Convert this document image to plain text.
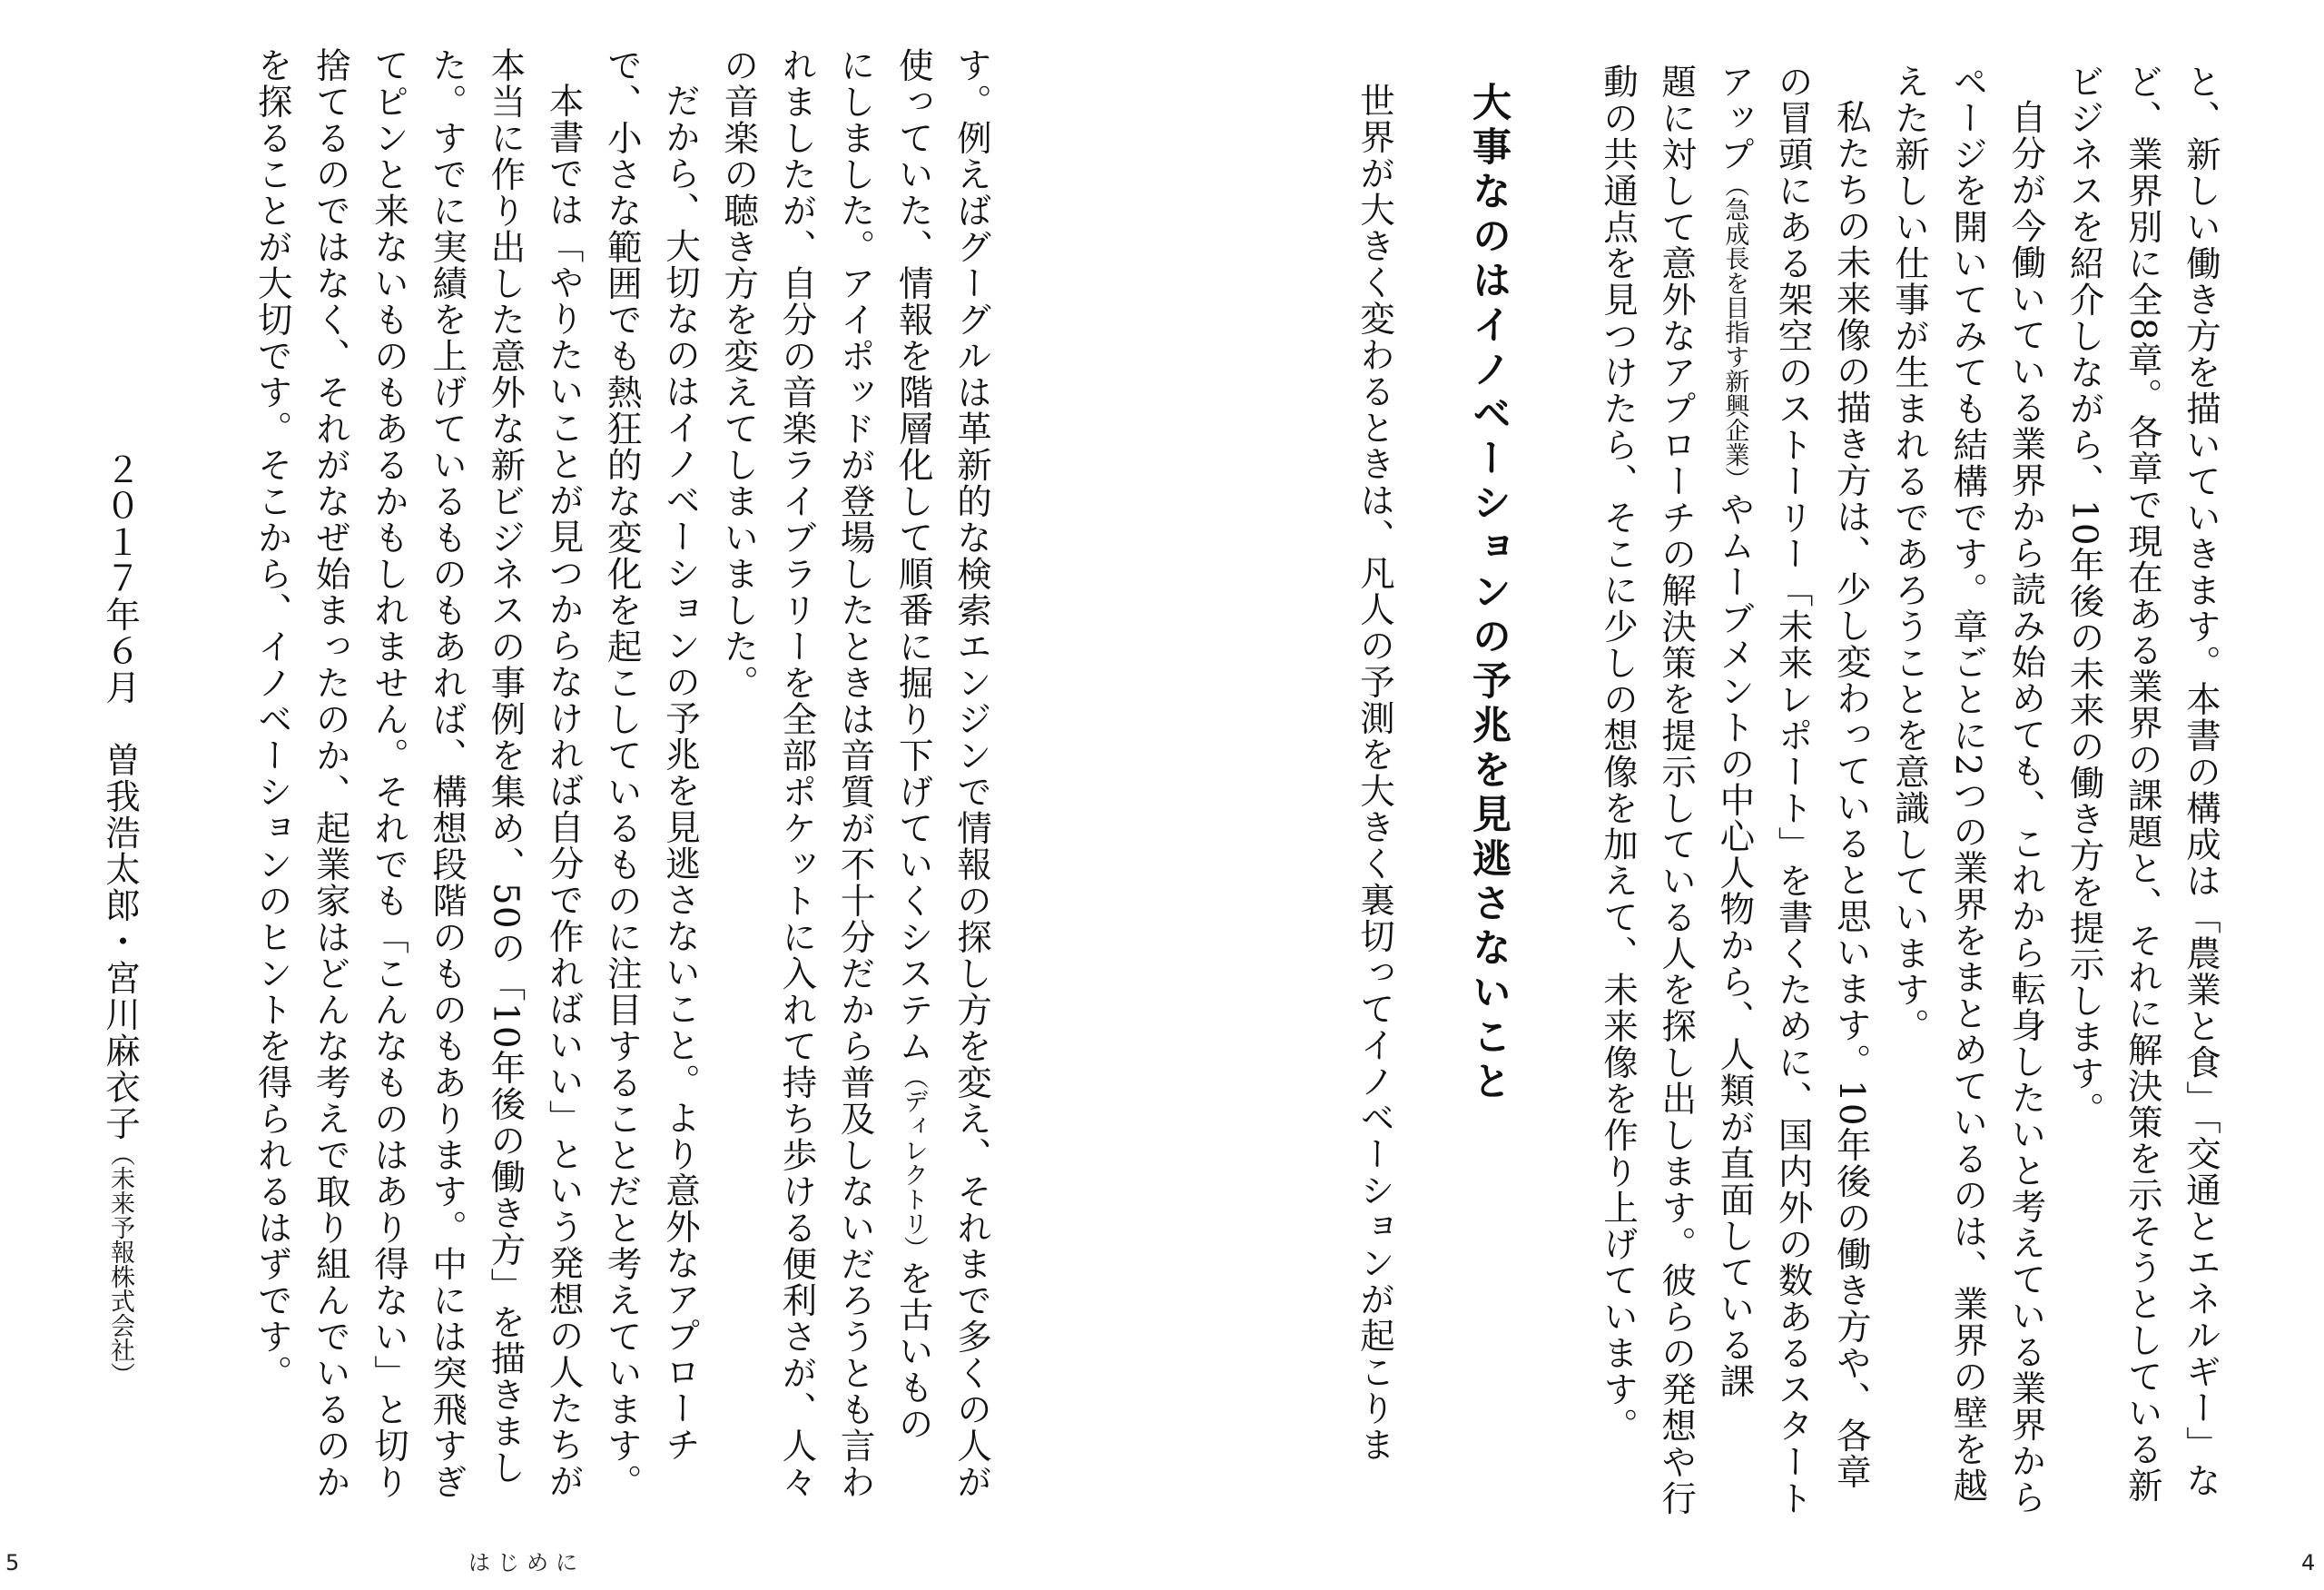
と、新しい働き方を描いていきます。本書の構成は「農業と食」「交通とエネルギー」な

ど、業界別に全8章。各章で現在ある業界の課題と、それに解決策を示そうとしている新

ビジネスを紹介しながら、10年後の未来の働き方を提示します。

自分が今働いている業界から読み始めても、これから転身したいと考えている業界から

ページを開いてみても結構です。章ごとに2つの業界をまとめているのは、業界の壁を越

えた新しい仕事が生まれるであろうことを意識しています。

私たちの未来像の描き方は、少し変わっていると思います。10年後の働き方や、各章

の冒頭にある架空のストーリー「未来レポート」を書くために、国内外の数あるスタート

アップ（急成長を目指す新興企業）やムーブメントの中心人物から、人類が直面している課

題に対して意外なアプローチの解決策を提示している人を探し出します。彼らの発想や行

動の共通点を見つけたら、そこに少しの想像を加えて、未来像を作り上げています。

大事なのはイノベーションの予兆を見逃さないこと

世界が大きく変わるときは、凡人の予測を大きく裏切ってイノベーションが起こりま

す。例えばグーグルは革新的な検索エンジンで情報の探し方を変え、それまで多くの人が

使っていた、情報を階層化して順番に掘り下げていくシステム（ディレクトリ）を古いもの

にしました。アイポッドが登場したときは音質が不十分だから普及しないだろうとも言わ

れましたが、自分の音楽ライブラリーを全部ポケットに入れて持ち歩ける便利さが、人々

の音楽の聴き方を変えてしまいました。

だから、大切なのはイノベーションの予兆を見逃さないこと。より意外なアプローチ

で、小さな範囲でも熱狂的な変化を起こしているものに注目することだと考えています。

本書では「やりたいことが見つからなければ自分で作ればいい」という発想の人たちが

本当に作り出した意外な新ビジネスの事例を集め、50の「10年後の働き方」を描きまし

た。すでに実績を上げているものもあれば、構想段階のものもあります。中には突飛すぎ

てピンと来ないものもあるかもしれません。それでも「こんなものはあり得ない」と切り

捨てるのではなく、それがなぜ始まったのか、起業家はどんな考えで取り組んでいるのか

を探ることが大切です。そこから、イノベーションのヒントを得られるはずです。

２０１７年６月　曽我浩太郎・宮川麻衣子（未来予報株式会社）
5	はじめに	4
